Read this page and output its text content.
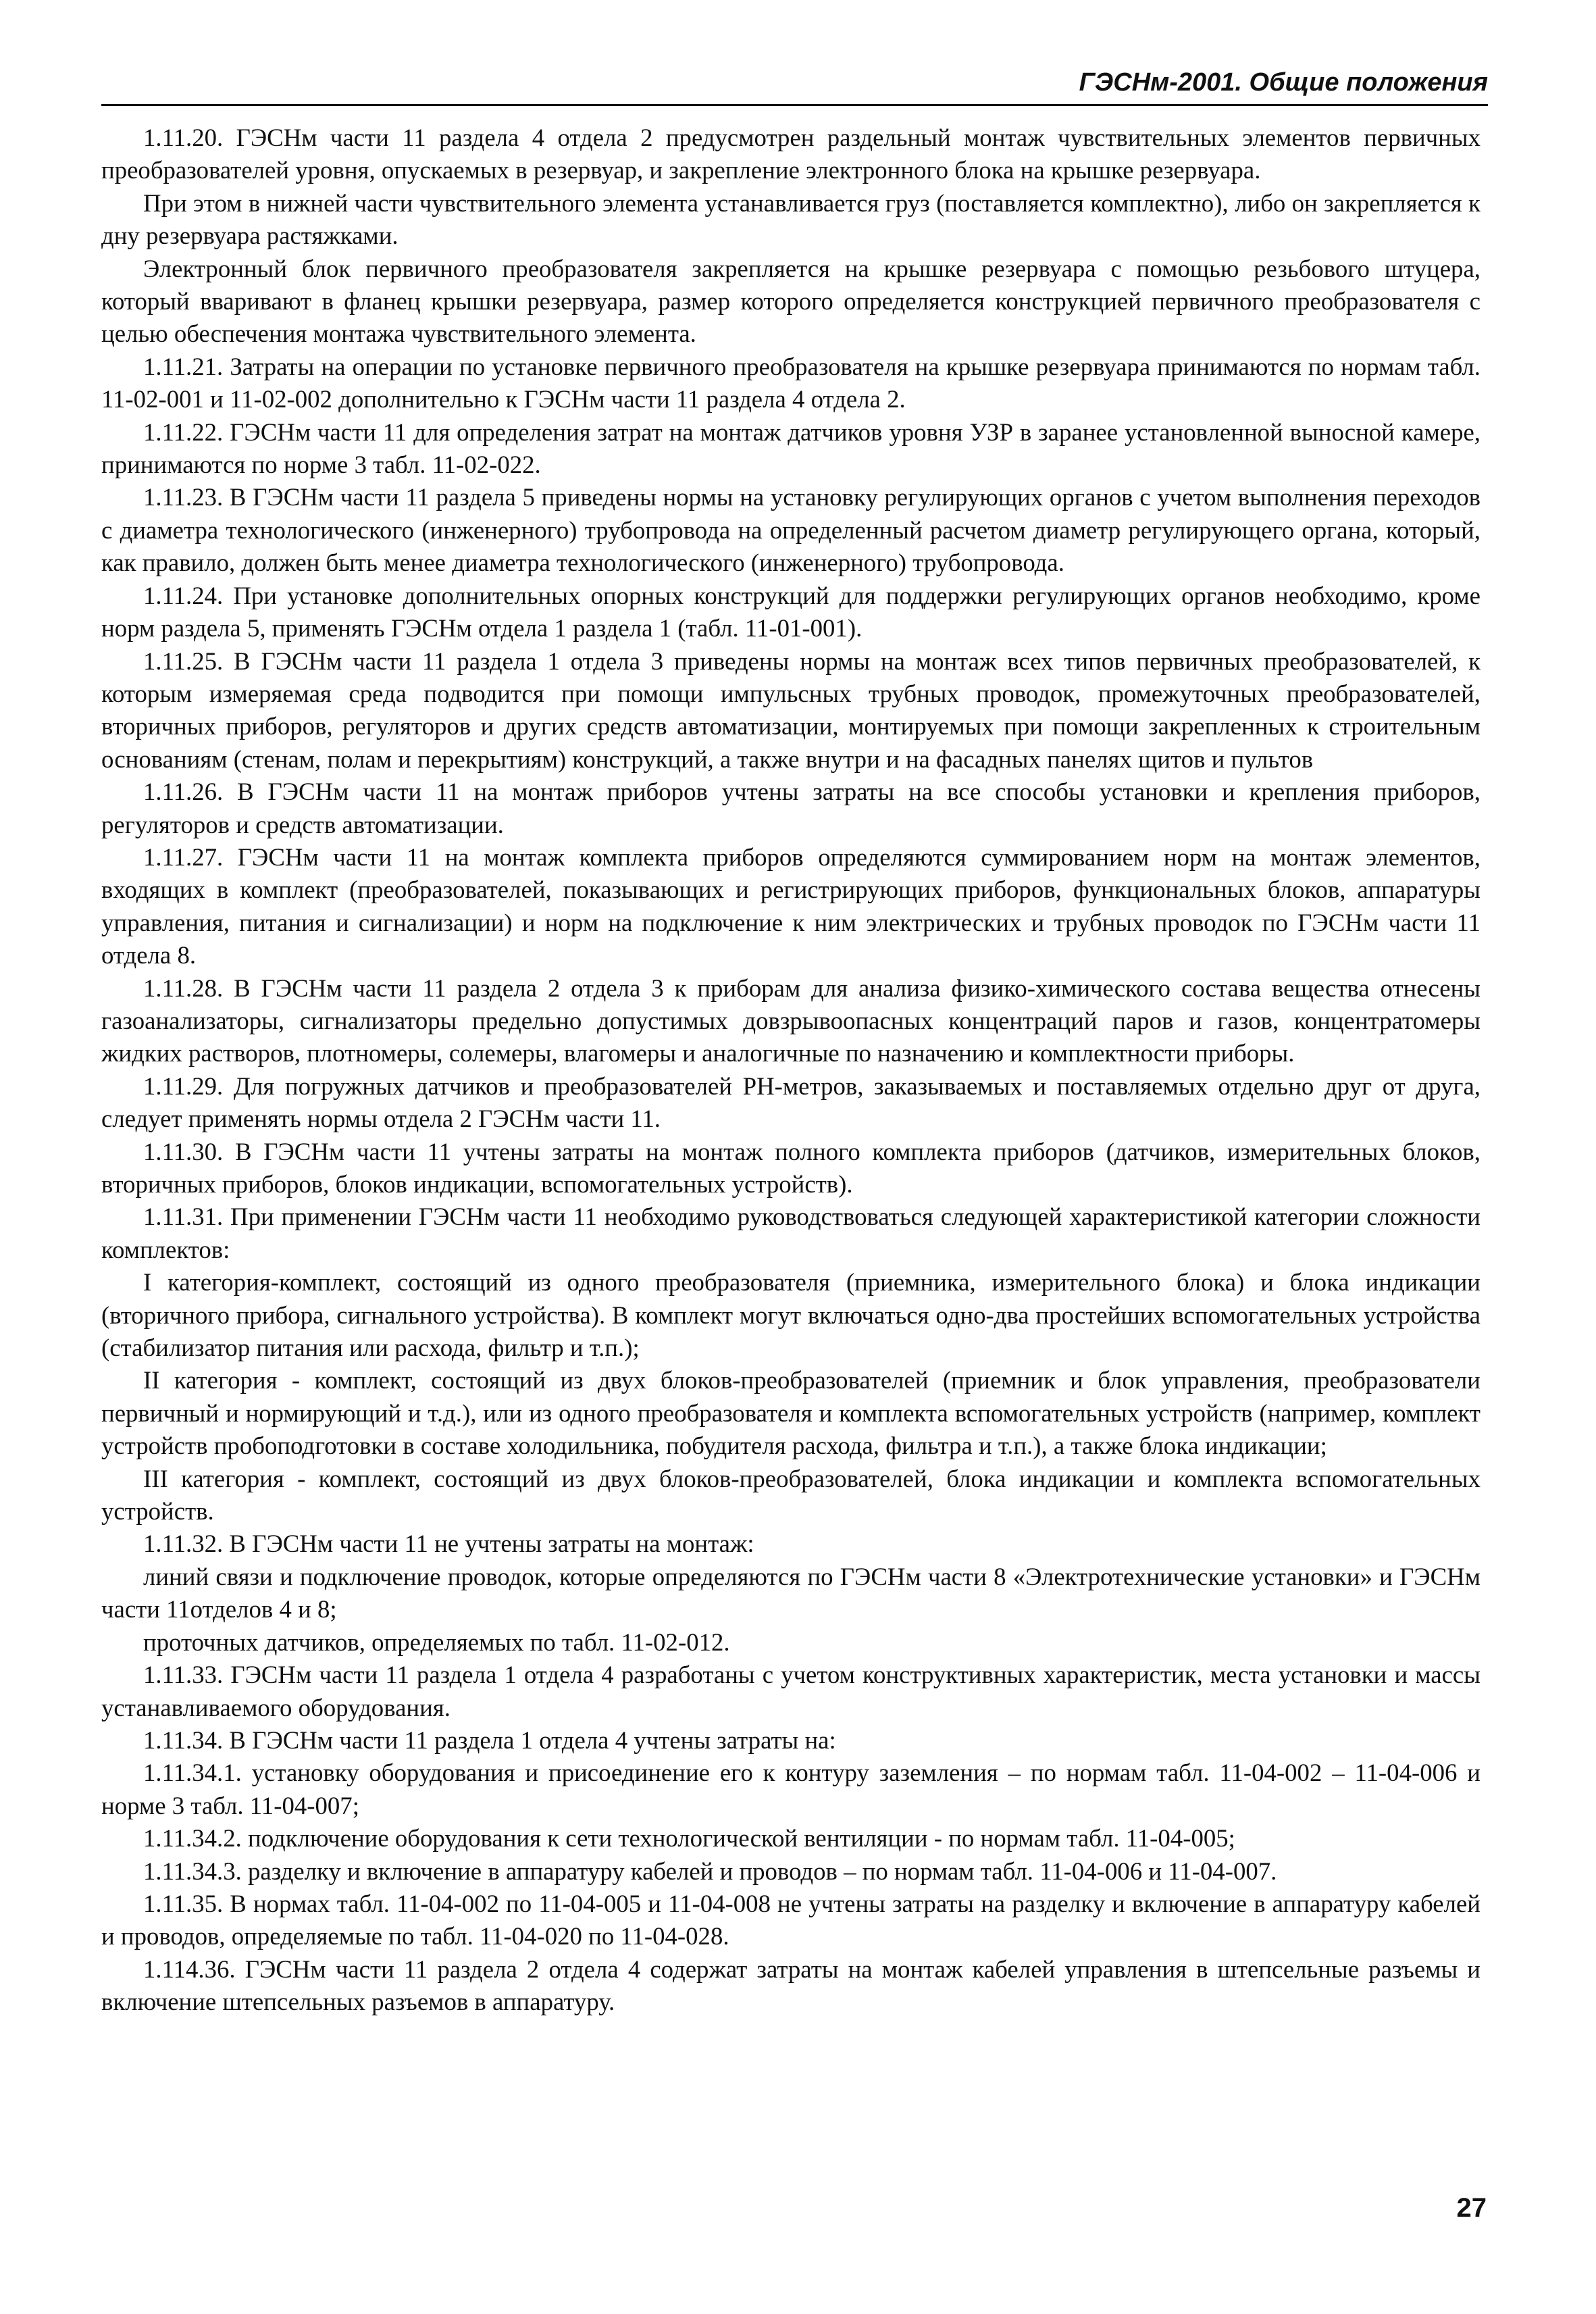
ГЭСНм-2001. Общие положения

1.11.20. ГЭСНм части 11 раздела 4 отдела 2 предусмотрен раздельный монтаж чувствительных элементов первичных преобразователей уровня, опускаемых в резервуар, и закрепление электронного блока на крышке резервуара.

При этом в нижней части чувствительного элемента устанавливается груз (поставляется комплектно), либо он закрепляется к дну резервуара растяжками.

Электронный блок первичного преобразователя закрепляется на крышке резервуара с помощью резьбового штуцера, который вваривают в фланец крышки резервуара, размер которого определяется конструкцией первичного преобразователя с целью обеспечения монтажа чувствительного элемента.

1.11.21. Затраты на операции по установке первичного преобразователя на крышке резервуара принимаются по нормам табл. 11-02-001 и 11-02-002 дополнительно к ГЭСНм части 11 раздела 4 отдела 2.

1.11.22. ГЭСНм части 11 для определения затрат на монтаж датчиков уровня УЗР в заранее установленной выносной камере, принимаются по норме 3 табл. 11-02-022.

1.11.23. В ГЭСНм части 11 раздела 5 приведены нормы на установку регулирующих органов с учетом выполнения переходов с диаметра технологического (инженерного) трубопровода на определенный расчетом диаметр регулирующего органа, который, как правило, должен быть менее диаметра технологического (инженерного) трубопровода.

1.11.24. При установке дополнительных опорных конструкций для поддержки регулирующих органов необходимо, кроме норм раздела 5, применять ГЭСНм отдела 1 раздела 1 (табл. 11-01-001).

1.11.25. В ГЭСНм части 11 раздела 1 отдела 3 приведены нормы на монтаж всех типов первичных преобразователей, к которым измеряемая среда подводится при помощи импульсных трубных проводок, промежуточных преобразователей, вторичных приборов, регуляторов и других средств автоматизации, монтируемых при помощи закрепленных к строительным основаниям (стенам, полам и перекрытиям) конструкций, а также внутри и на фасадных панелях щитов и пультов

1.11.26. В ГЭСНм части 11 на монтаж приборов учтены затраты на все способы установки и крепления приборов, регуляторов и средств автоматизации.

1.11.27. ГЭСНм части 11 на монтаж комплекта приборов определяются суммированием норм на монтаж элементов, входящих в комплект (преобразователей, показывающих и регистрирующих приборов, функциональных блоков, аппаратуры управления, питания и сигнализации) и норм на подключение к ним электрических и трубных проводок по ГЭСНм части 11 отдела 8.

1.11.28. В ГЭСНм части 11 раздела 2 отдела 3 к приборам для анализа физико-химического состава вещества отнесены газоанализаторы, сигнализаторы предельно допустимых довзрывоопасных концентраций паров и газов, концентратомеры жидких растворов, плотномеры, солемеры, влагомеры и аналогичные по назначению и комплектности приборы.

1.11.29. Для погружных датчиков и преобразователей PH-метров, заказываемых и поставляемых отдельно друг от друга, следует применять нормы отдела 2 ГЭСНм части 11.

1.11.30. В ГЭСНм части 11 учтены затраты на монтаж полного комплекта приборов (датчиков, измерительных блоков, вторичных приборов, блоков индикации, вспомогательных устройств).

1.11.31. При применении ГЭСНм части 11 необходимо руководствоваться следующей характеристикой категории сложности комплектов:

I категория-комплект, состоящий из одного преобразователя (приемника, измерительного блока) и блока индикации (вторичного прибора, сигнального устройства). В комплект могут включаться одно-два простейших вспомогательных устройства (стабилизатор питания или расхода, фильтр и т.п.);

II категория - комплект, состоящий из двух блоков-преобразователей (приемник и блок управления, преобразователи первичный и нормирующий и т.д.), или из одного преобразователя и комплекта вспомогательных устройств (например, комплект устройств пробоподготовки в составе холодильника, побудителя расхода, фильтра и т.п.), а также блока индикации;

III категория - комплект, состоящий из двух блоков-преобразователей, блока индикации и комплекта вспомогательных устройств.

1.11.32. В ГЭСНм части 11 не учтены затраты на монтаж:

линий связи и подключение проводок, которые определяются по ГЭСНм части 8 «Электротехнические установки» и ГЭСНм части 11отделов 4 и 8;

проточных датчиков, определяемых по табл. 11-02-012.

1.11.33. ГЭСНм части 11 раздела 1 отдела 4 разработаны с учетом конструктивных характеристик, места установки и массы устанавливаемого оборудования.

1.11.34. В ГЭСНм части 11 раздела 1 отдела 4 учтены затраты на:

1.11.34.1. установку оборудования и присоединение его к контуру заземления – по нормам табл. 11-04-002 – 11-04-006 и норме 3 табл. 11-04-007;

1.11.34.2. подключение оборудования к сети технологической вентиляции - по нормам табл. 11-04-005;

1.11.34.3. разделку и включение в аппаратуру кабелей и проводов – по нормам табл. 11-04-006 и 11-04-007.

1.11.35. В нормах табл. 11-04-002 по 11-04-005 и 11-04-008 не учтены затраты на разделку и включение в аппаратуру кабелей и проводов, определяемые по табл. 11-04-020 по 11-04-028.

1.114.36. ГЭСНм части 11 раздела 2 отдела 4 содержат затраты на монтаж кабелей управления в штепсельные разъемы и включение штепсельных разъемов в аппаратуру.

27
